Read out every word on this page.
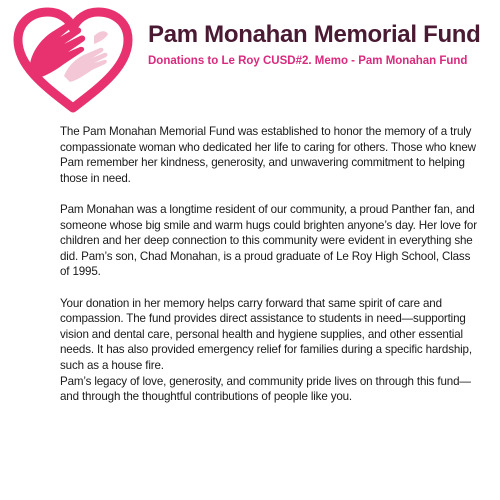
Pam Monahan Memorial Fund
Donations to Le Roy CUSD#2. Memo - Pam Monahan Fund
The Pam Monahan Memorial Fund was established to honor the memory of a truly compassionate woman who dedicated her life to caring for others. Those who knew Pam remember her kindness, generosity, and unwavering commitment to helping those in need.
Pam Monahan was a longtime resident of our community, a proud Panther fan, and someone whose big smile and warm hugs could brighten anyone’s day. Her love for children and her deep connection to this community were evident in everything she did. Pam’s son, Chad Monahan, is a proud graduate of Le Roy High School, Class of 1995.
Your donation in her memory helps carry forward that same spirit of care and compassion. The fund provides direct assistance to students in need—supporting vision and dental care, personal health and hygiene supplies, and other essential needs. It has also provided emergency relief for families during a specific hardship, such as a house fire.
Pam’s legacy of love, generosity, and community pride lives on through this fund—and through the thoughtful contributions of people like you.
